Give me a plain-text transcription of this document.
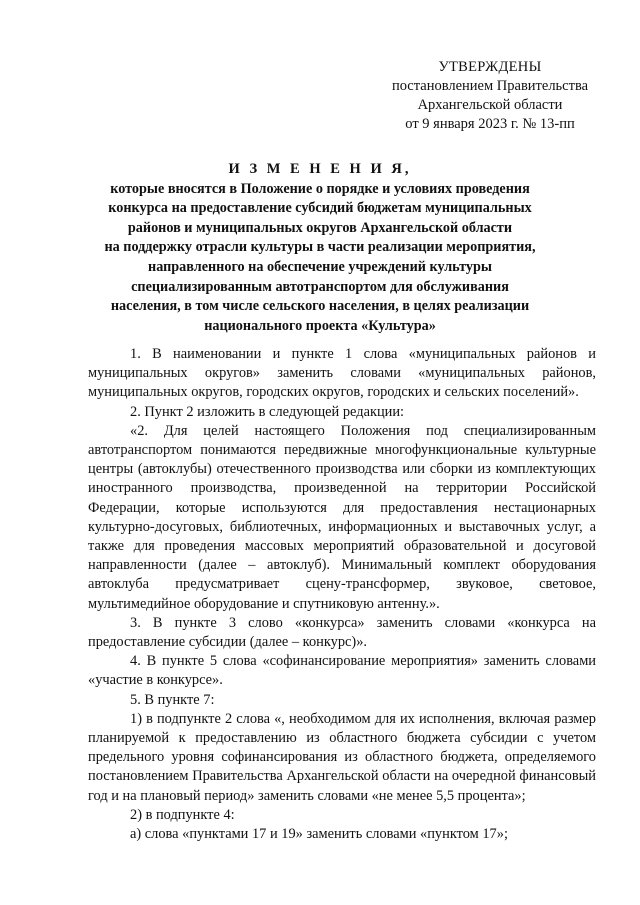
УТВЕРЖДЕНЫ
постановлением Правительства
Архангельской области
от 9 января 2023 г. № 13-пп
И З М Е Н Е Н И Я,
которые вносятся в Положение о порядке и условиях проведения
конкурса на предоставление субсидий бюджетам муниципальных
районов и муниципальных округов Архангельской области
на поддержку отрасли культуры в части реализации мероприятия,
направленного на обеспечение учреждений культуры
специализированным автотранспортом для обслуживания
населения, в том числе сельского населения, в целях реализации
национального проекта «Культура»

1. В наименовании и пункте 1 слова «муниципальных районов и муниципальных округов» заменить словами «муниципальных районов, муниципальных округов, городских округов, городских и сельских поселений».

2. Пункт 2 изложить в следующей редакции:

«2. Для целей настоящего Положения под специализированным автотранспортом понимаются передвижные многофункциональные культурные центры (автоклубы) отечественного производства или сборки из комплектующих иностранного производства, произведенной на территории Российской Федерации, которые используются для предоставления нестационарных культурно-досуговых, библиотечных, информационных и выставочных услуг, а также для проведения массовых мероприятий образовательной и досуговой направленности (далее – автоклуб). Минимальный комплект оборудования автоклуба предусматривает сцену-трансформер, звуковое, световое, мультимедийное оборудование и спутниковую антенну.».

3. В пункте 3 слово «конкурса» заменить словами «конкурса на предоставление субсидии (далее – конкурс)».

4. В пункте 5 слова «софинансирование мероприятия» заменить словами «участие в конкурсе».

5. В пункте 7:

1) в подпункте 2 слова «, необходимом для их исполнения, включая размер планируемой к предоставлению из областного бюджета субсидии с учетом предельного уровня софинансирования из областного бюджета, определяемого постановлением Правительства Архангельской области на очередной финансовый год и на плановый период» заменить словами «не менее 5,5 процента»;

2) в подпункте 4:

а) слова «пунктами 17 и 19» заменить словами «пунктом 17»;
